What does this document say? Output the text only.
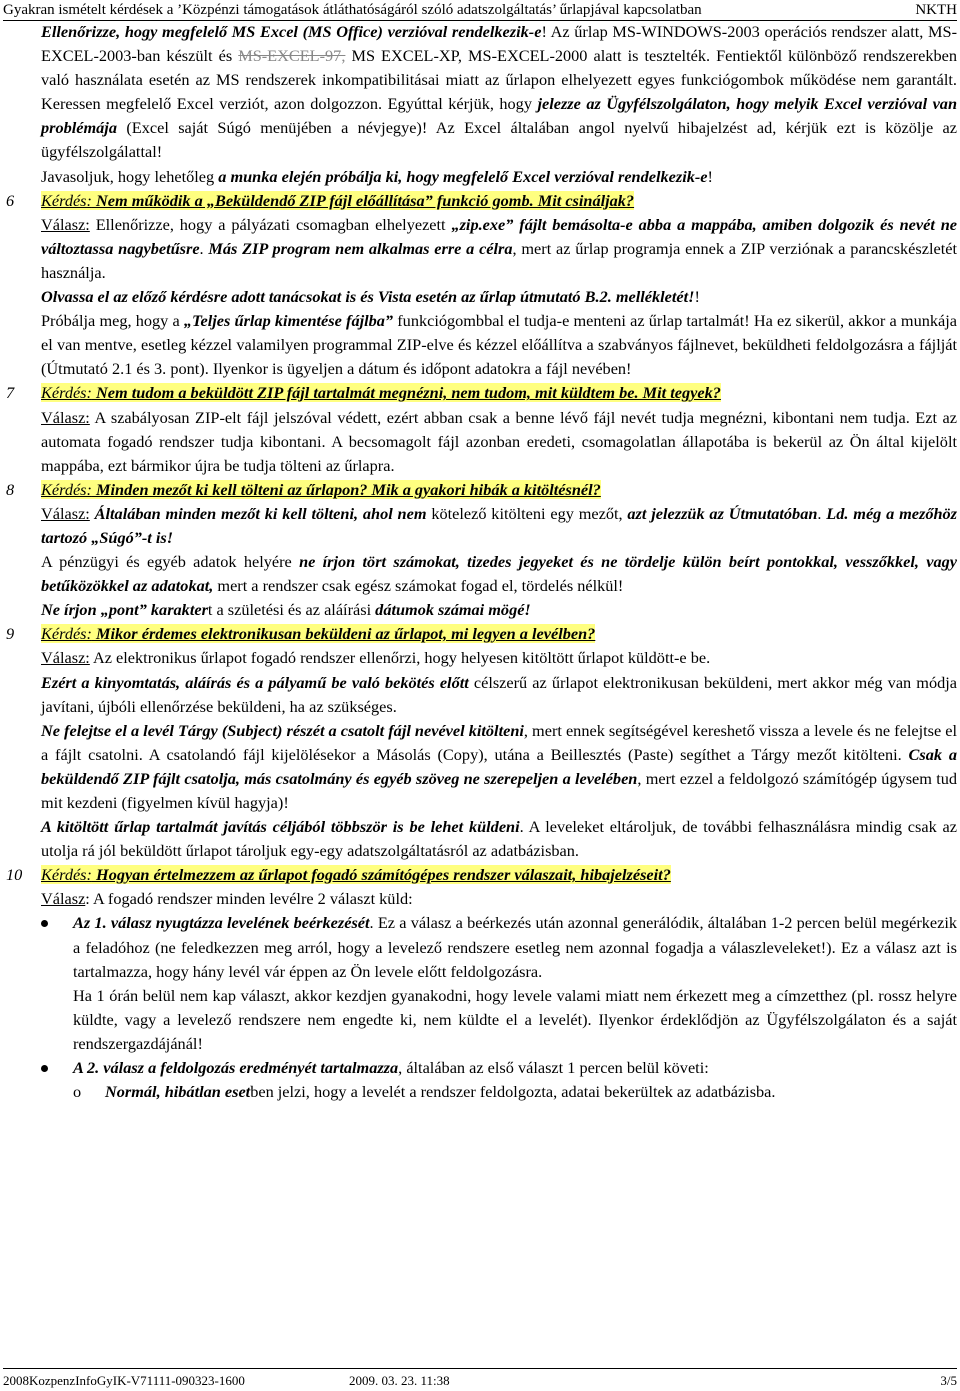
Gyakran ismételt kérdések a ’Közpénzi támogatások átláthatóságáról szóló adatszolgáltatás’ űrlapjával kapcsolatban	NKTH

Ellenőrizze, hogy megfelelő MS Excel (MS Office) verzióval rendelkezik-e! Az űrlap MS-WINDOWS-2003 operációs rendszer alatt, MS-EXCEL-2003-ban készült és MS-EXCEL-97, MS EXCEL-XP, MS-EXCEL-2000 alatt is tesztelték. Fentiektől különböző rendszerekben való használata esetén az MS rendszerek inkompatibilitásai miatt az űrlapon elhelyezett egyes funkciógombok működése nem garantált. Keressen megfelelő Excel verziót, azon dolgozzon. Egyúttal kérjük, hogy jelezze az Ügyfélszolgálaton, hogy melyik Excel verzióval van problémája (Excel saját Súgó menüjében a névjegye)! Az Excel általában angol nyelvű hibajelzést ad, kérjük ezt is közölje az ügyfélszolgálattal!

Javasoljuk, hogy lehetőleg a munka elején próbálja ki, hogy megfelelő Excel verzióval rendelkezik-e!

6 Kérdés: Nem működik a „Beküldendő ZIP fájl előállítása” funkció gomb. Mit csináljak?

Válasz: Ellenőrizze, hogy a pályázati csomagban elhelyezett „zip.exe” fájlt bemásolta-e abba a mappába, amiben dolgozik és nevét ne változtassa nagybetűsre. Más ZIP program nem alkalmas erre a célra, mert az űrlap programja ennek a ZIP verziónak a parancskészletét használja.

Olvassa el az előző kérdésre adott tanácsokat is és Vista esetén az űrlap útmutató B.2. mellékletét!!

Próbálja meg, hogy a „Teljes űrlap kimentése fájlba” funkciógombbal el tudja-e menteni az űrlap tartalmát! Ha ez sikerül, akkor a munkája el van mentve, esetleg kézzel valamilyen programmal ZIP-elve és kézzel előállítva a szabványos fájlnevet, beküldheti feldolgozásra a fájlját (Útmutató 2.1 és 3. pont). Ilyenkor is ügyeljen a dátum és időpont adatokra a fájl nevében!

7 Kérdés: Nem tudom a beküldött ZIP fájl tartalmát megnézni, nem tudom, mit küldtem be. Mit tegyek?

Válasz: A szabályosan ZIP-elt fájl jelszóval védett, ezért abban csak a benne lévő fájl nevét tudja megnézni, kibontani nem tudja. Ezt az automata fogadó rendszer tudja kibontani. A becsomagolt fájl azonban eredeti, csomagolatlan állapotába is bekerül az Ön által kijelölt mappába, ezt bármikor újra be tudja tölteni az űrlapra.

8 Kérdés: Minden mezőt ki kell tölteni az űrlapon? Mik a gyakori hibák a kitöltésnél?

Válasz: Általában minden mezőt ki kell tölteni, ahol nem kötelező kitölteni egy mezőt, azt jelezzük az Útmutatóban. Ld. még a mezőhöz tartozó „Súgó”-t is!

A pénzügyi és egyéb adatok helyére ne írjon tört számokat, tizedes jegyeket és ne tördelje külön beírt pontokkal, vesszőkkel, vagy betűközökkel az adatokat, mert a rendszer csak egész számokat fogad el, tördelés nélkül!

Ne írjon „pont” karaktert a születési és az aláírási dátumok számai mögé!

9 Kérdés: Mikor érdemes elektronikusan beküldeni az űrlapot, mi legyen a levélben?

Válasz: Az elektronikus űrlapot fogadó rendszer ellenőrzi, hogy helyesen kitöltött űrlapot küldött-e be.

Ezért a kinyomtatás, aláírás és a pályamű be való bekötés előtt célszerű az űrlapot elektronikusan beküldeni, mert akkor még van módja javítani, újbóli ellenőrzése beküldeni, ha az szükséges.

Ne felejtse el a levél Tárgy (Subject) részét a csatolt fájl nevével kitölteni, mert ennek segítségével kereshető vissza a levele és ne felejtse el a fájlt csatolni. A csatolandó fájl kijelölésekor a Másolás (Copy), utána a Beillesztés (Paste) segíthet a Tárgy mezőt kitölteni. Csak a beküldendő ZIP fájlt csatolja, más csatolmány és egyéb szöveg ne szerepeljen a levelében, mert ezzel a feldolgozó számítógép úgysem tud mit kezdeni (figyelmen kívül hagyja)!

A kitöltött űrlap tartalmát javítás céljából többször is be lehet küldeni. A leveleket eltároljuk, de további felhasználásra mindig csak az utolja rá jól beküldött űrlapot tároljuk egy-egy adatszolgáltatásról az adatbázisban.

10 Kérdés: Hogyan értelmezzem az űrlapot fogadó számítógépes rendszer válaszait, hibajelzéseit?

Válasz: A fogadó rendszer minden levélre 2 választ küld:

Az 1. válasz nyugtázza levelének beérkezését. Ez a válasz a beérkezés után azonnal generálódik, általában 1-2 percen belül megérkezik a feladóhoz (ne feledkezzen meg arról, hogy a levelező rendszere esetleg nem azonnal fogadja a válaszleveleket!). Ez a válasz azt is tartalmazza, hogy hány levél vár éppen az Ön levele előtt feldolgozásra.

Ha 1 órán belül nem kap választ, akkor kezdjen gyanakodni, hogy levele valami miatt nem érkezett meg a címzetthez (pl. rossz helyre küldte, vagy a levelező rendszere nem engedte ki, nem küldte el a levelét). Ilyenkor érdeklődjön az Ügyfélszolgálaton és a saját rendszergazdájánál!

A 2. válasz a feldolgozás eredményét tartalmazza, általában az első választ 1 percen belül követi:

o Normál, hibátlan esetben jelzi, hogy a levelét a rendszer feldolgozta, adatai bekerültek az adatbázisba.

2008KozpenzInfoGyIK-V71111-090323-1600	2009. 03. 23. 11:38	3/5
